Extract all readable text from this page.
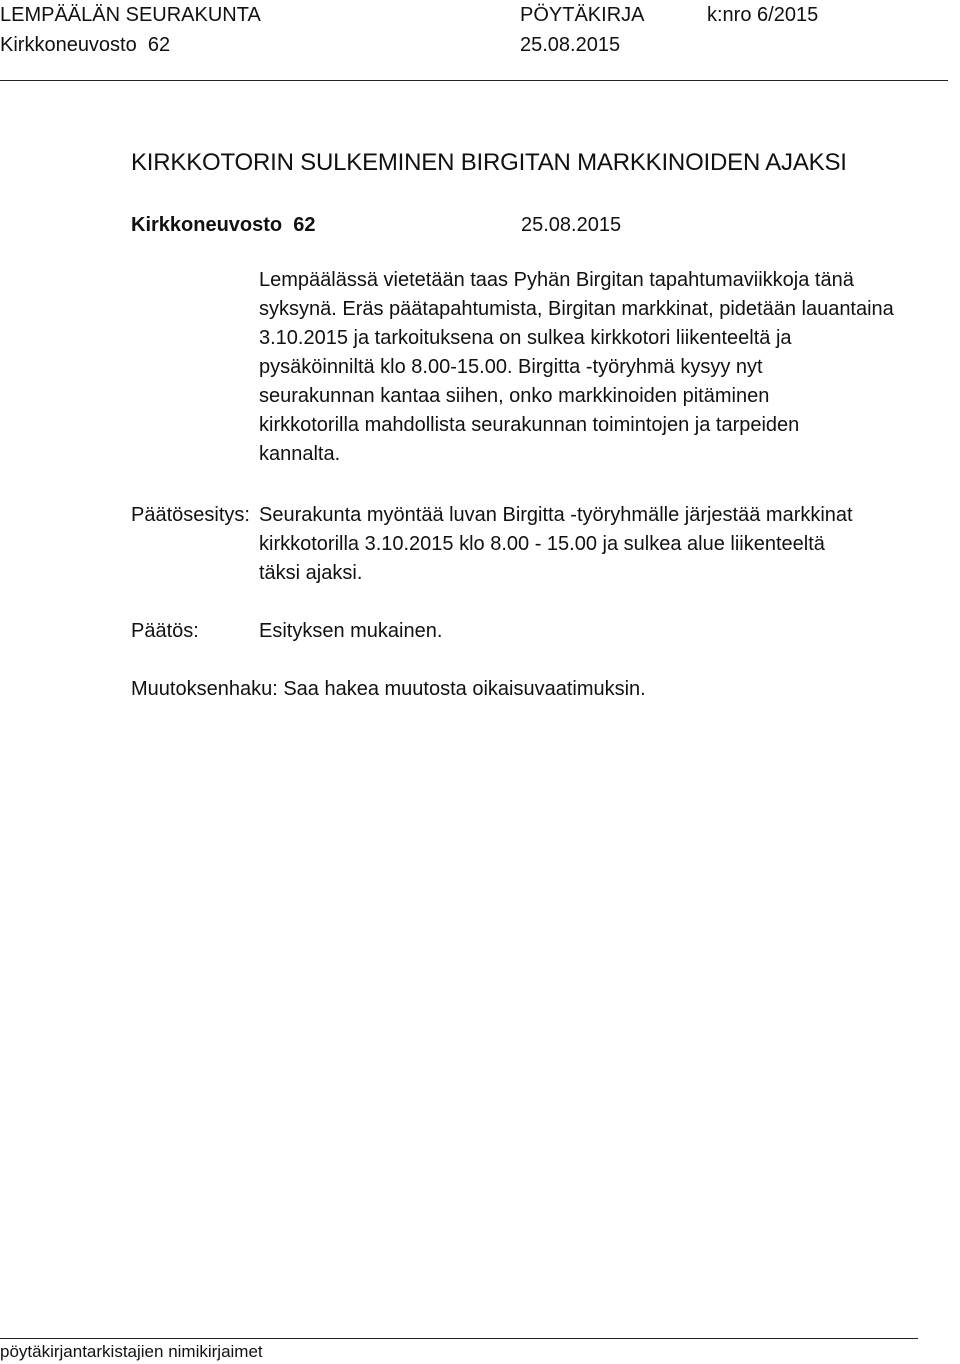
LEMPÄÄLÄN SEURAKUNTA	PÖYTÄKIRJA	k:nro 6/2015
Kirkkoneuvosto  62	25.08.2015
KIRKKOTORIN SULKEMINEN BIRGITAN MARKKINOIDEN AJAKSI
Kirkkoneuvosto  62	25.08.2015
Lempäälässä vietetään taas Pyhän Birgitan tapahtumaviikkoja tänä
syksynä. Eräs päätapahtumista, Birgitan markkinat, pidetään lauantaina
3.10.2015 ja tarkoituksena on sulkea kirkkotori liikenteeltä ja
pysäköinniltä klo 8.00-15.00. Birgitta -työryhmä kysyy nyt
seurakunnan kantaa siihen, onko markkinoiden pitäminen
kirkkotorilla mahdollista seurakunnan toimintojen ja tarpeiden
kannalta.
Päätösesitys: Seurakunta myöntää luvan Birgitta -työryhmälle järjestää markkinat
kirkkotorilla 3.10.2015 klo 8.00 - 15.00 ja sulkea alue liikenteeltä
täksi ajaksi.
Päätös:	Esityksen mukainen.
Muutoksenhaku: Saa hakea muutosta oikaisuvaatimuksin.
pöytäkirjantarkistajien nimikirjaimet
